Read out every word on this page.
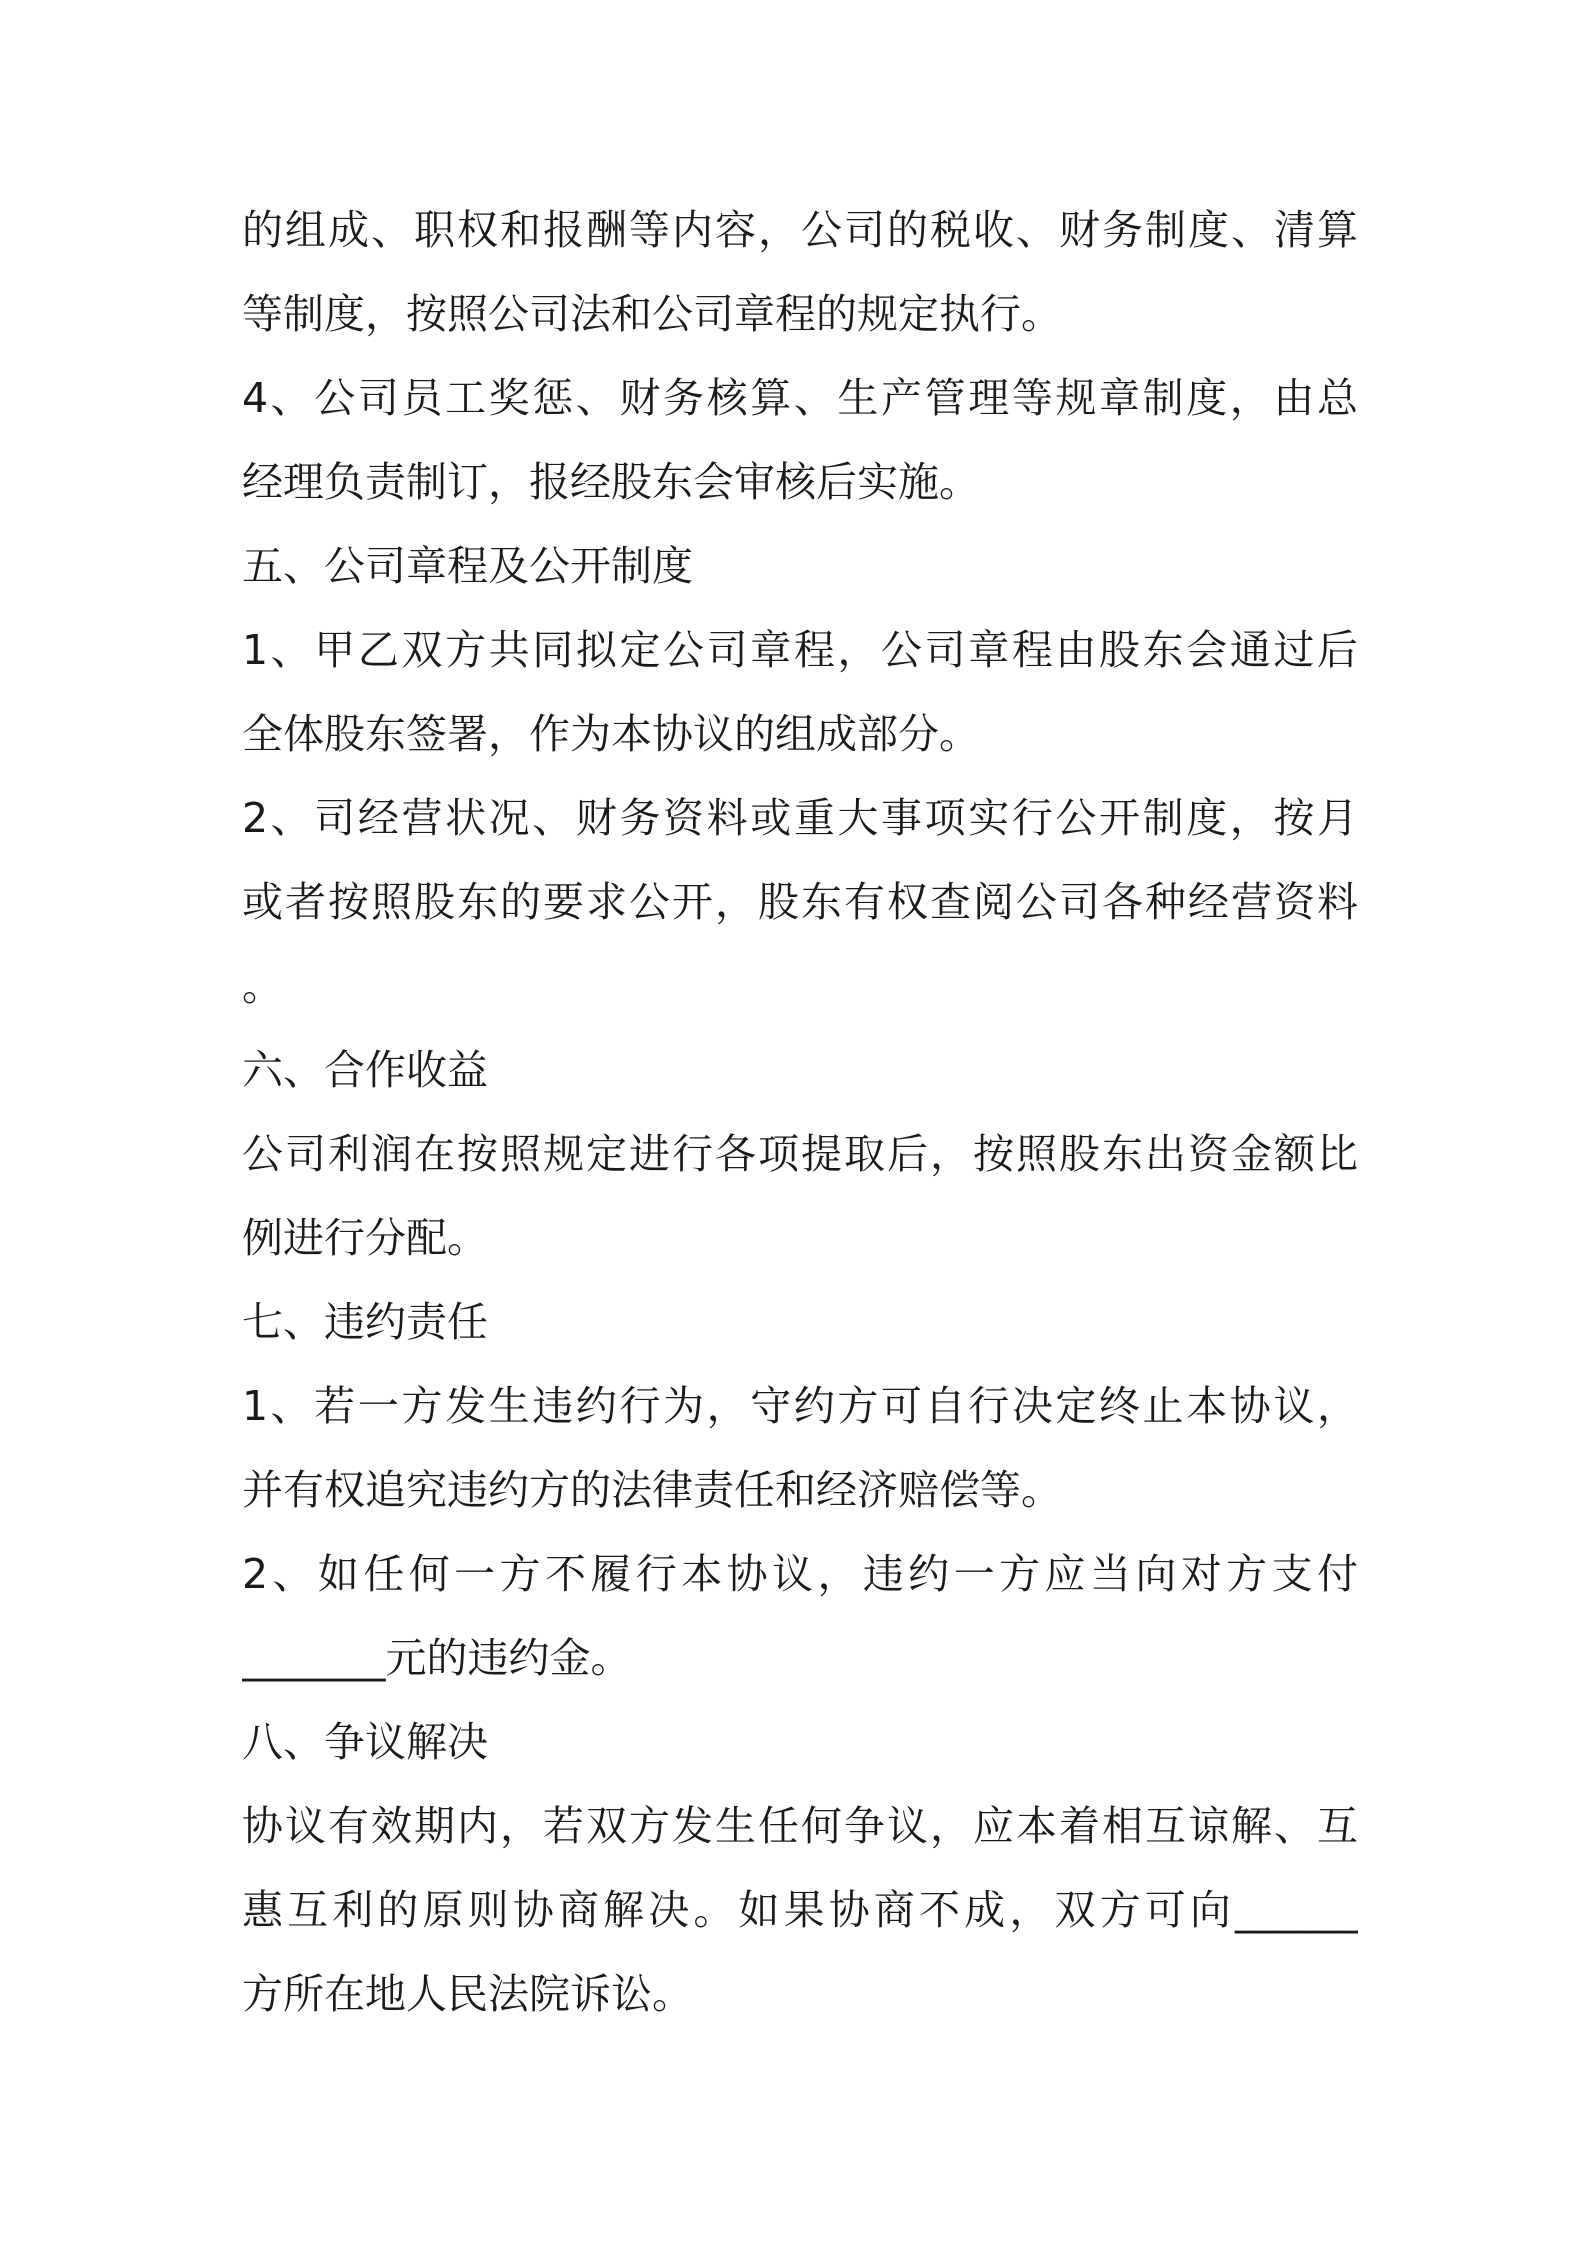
的组成、职权和报酬等内容，公司的税收、财务制度、清算
等制度，按照公司法和公司章程的规定执行。
4、公司员工奖惩、财务核算、生产管理等规章制度，由总
经理负责制订，报经股东会审核后实施。
五、公司章程及公开制度
1、甲乙双方共同拟定公司章程，公司章程由股东会通过后
全体股东签署，作为本协议的组成部分。
2、司经营状况、财务资料或重大事项实行公开制度，按月
或者按照股东的要求公开，股东有权查阅公司各种经营资料
。
六、合作收益
公司利润在按照规定进行各项提取后，按照股东出资金额比
例进行分配。
七、违约责任
1、若一方发生违约行为，守约方可自行决定终止本协议，
并有权追究违约方的法律责任和经济赔偿等。
2、如任何一方不履行本协议，违约一方应当向对方支付
_______元的违约金。
八、争议解决
协议有效期内，若双方发生任何争议，应本着相互谅解、互
惠互利的原则协商解决。如果协商不成，双方可向______
方所在地人民法院诉讼。
